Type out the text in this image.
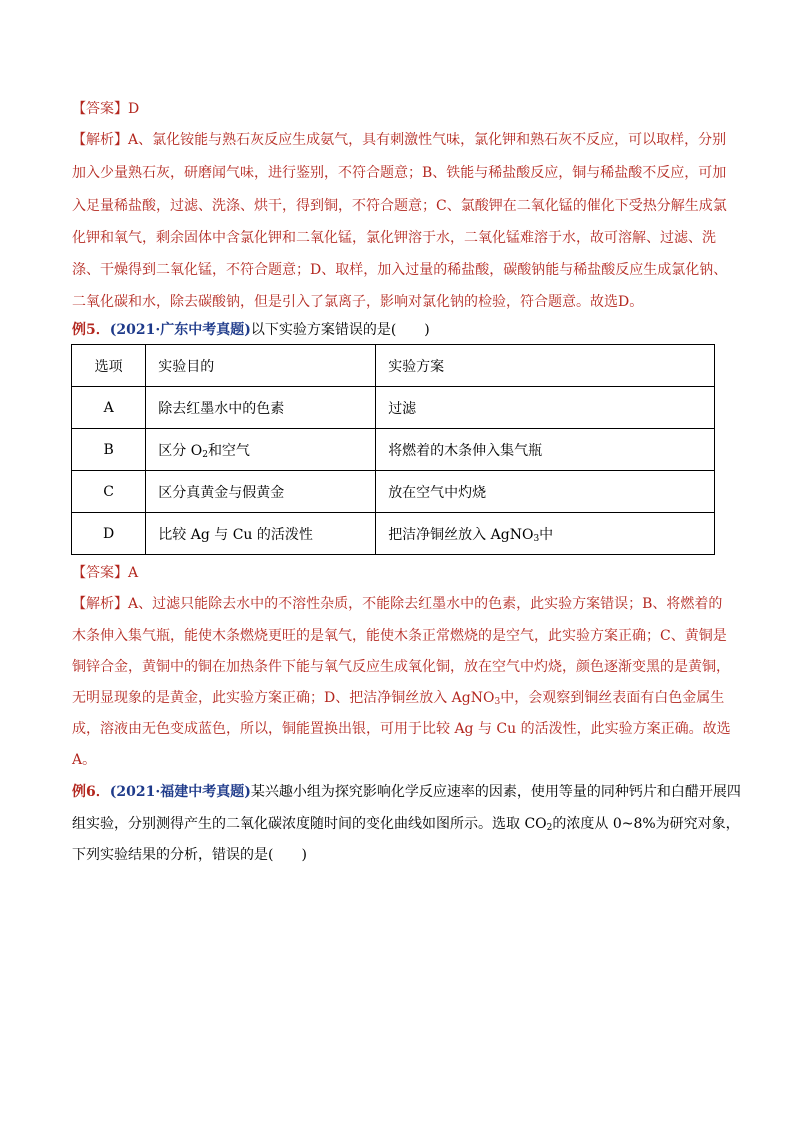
【答案】D
【解析】A、氯化铵能与熟石灰反应生成氨气，具有刺激性气味，氯化钾和熟石灰不反应，可以取样，分别
加入少量熟石灰，研磨闻气味，进行鉴别，不符合题意；B、铁能与稀盐酸反应，铜与稀盐酸不反应，可加
入足量稀盐酸，过滤、洗涤、烘干，得到铜，不符合题意；C、氯酸钾在二氧化锰的催化下受热分解生成氯
化钾和氧气，剩余固体中含氯化钾和二氧化锰，氯化钾溶于水，二氧化锰难溶于水，故可溶解、过滤、洗
涤、干燥得到二氧化锰，不符合题意；D、取样，加入过量的稀盐酸，碳酸钠能与稀盐酸反应生成氯化钠、
二氧化碳和水，除去碳酸钠，但是引入了氯离子，影响对氯化钠的检验，符合题意。故选D。
例5．(2021·广东中考真题)以下实验方案错误的是(　　)
选项	实验目的	实验方案
A	除去红墨水中的色素	过滤
B	区分 $O_2$和空气	将燃着的木条伸入集气瓶
C	区分真黄金与假黄金	放在空气中灼烧
D	比较 Ag 与 Cu 的活泼性	把洁净铜丝放入 AgNO$_3$中
【答案】A
【解析】A、过滤只能除去水中的不溶性杂质，不能除去红墨水中的色素，此实验方案错误；B、将燃着的
木条伸入集气瓶，能使木条燃烧更旺的是氧气，能使木条正常燃烧的是空气，此实验方案正确；C、黄铜是
铜锌合金，黄铜中的铜在加热条件下能与氧气反应生成氧化铜，放在空气中灼烧，颜色逐渐变黑的是黄铜，
无明显现象的是黄金，此实验方案正确；D、把洁净铜丝放入 AgNO$_3$中，会观察到铜丝表面有白色金属生
成，溶液由无色变成蓝色，所以，铜能置换出银，可用于比较 Ag 与 Cu 的活泼性，此实验方案正确。故选
A。
例6．(2021·福建中考真题)某兴趣小组为探究影响化学反应速率的因素，使用等量的同种钙片和白醋开展四
组实验，分别测得产生的二氧化碳浓度随时间的变化曲线如图所示。选取 $CO_2$的浓度从 0~8%为研究对象，
下列实验结果的分析，错误的是(　　)
